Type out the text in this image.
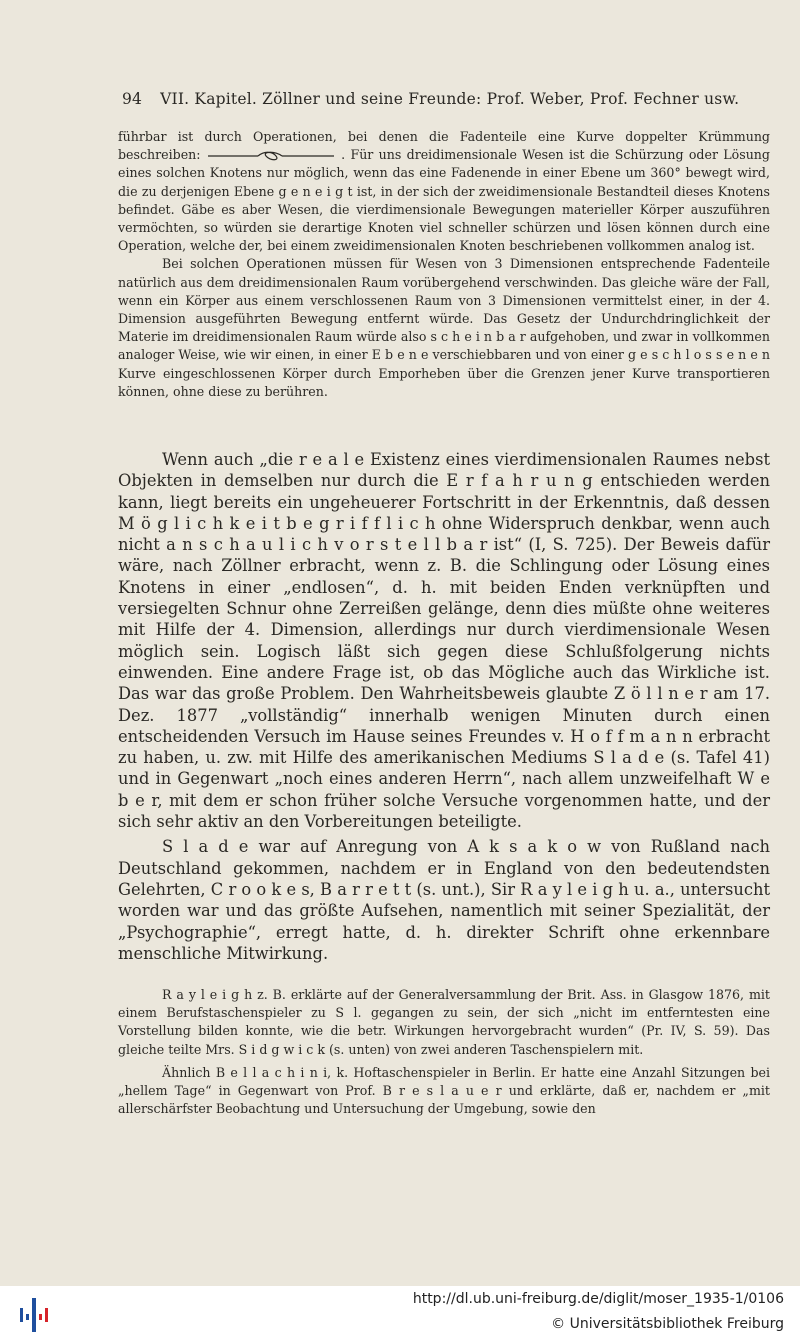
94 VII. Kapitel. Zöllner und seine Freunde: Prof. Weber, Prof. Fechner usw.

führbar ist durch Operationen, bei denen die Fadenteile eine Kurve doppelter Krümmung beschreiben:	. Für uns dreidimensionale Wesen ist die Schürzung oder Lösung eines solchen Knotens nur möglich, wenn das eine Fadenende in einer Ebene um 360° bewegt wird, die zu derjenigen Ebene g e n e i g t ist, in der sich der zweidimensionale Bestandteil dieses Knotens befindet. Gäbe es aber Wesen, die vierdimensionale Bewegungen materieller Körper auszuführen vermöchten, so würden sie derartige Knoten viel schneller schürzen und lösen können durch eine Operation, welche der, bei einem zweidimensionalen Knoten beschriebenen vollkommen analog ist.

Bei solchen Operationen müssen für Wesen von 3 Dimensionen entsprechende Fadenteile natürlich aus dem dreidimensionalen Raum vorübergehend verschwinden. Das gleiche wäre der Fall, wenn ein Körper aus einem verschlossenen Raum von 3 Dimensionen vermittelst einer, in der 4. Dimension ausgeführten Bewegung entfernt würde. Das Gesetz der Undurchdringlichkeit der Materie im dreidimensionalen Raum würde also s c h e i n b a r aufgehoben, und zwar in vollkommen analoger Weise, wie wir einen, in einer E b e n e verschiebbaren und von einer g e s c h l o s s e n e n Kurve eingeschlossenen Körper durch Emporheben über die Grenzen jener Kurve transportieren können, ohne diese zu berühren.

Wenn auch „die r e a l e Existenz eines vierdimensionalen Raumes nebst Objekten in demselben nur durch die E r f a h r u n g entschieden werden kann, liegt bereits ein ungeheuerer Fortschritt in der Erkenntnis, daß dessen M ö g l i c h k e i t b e g r i f f l i c h ohne Widerspruch denkbar, wenn auch nicht a n s c h a u l i c h v o r s t e l l b a r ist“ (I, S. 725). Der Beweis dafür wäre, nach Zöllner erbracht, wenn z. B. die Schlingung oder Lösung eines Knotens in einer „endlosen“, d. h. mit beiden Enden verknüpften und versiegelten Schnur ohne Zerreißen gelänge, denn dies müßte ohne weiteres mit Hilfe der 4. Dimension, allerdings nur durch vierdimensionale Wesen möglich sein. Logisch läßt sich gegen diese Schlußfolgerung nichts einwenden. Eine andere Frage ist, ob das Mögliche auch das Wirkliche ist. Das war das große Problem. Den Wahrheitsbeweis glaubte Z ö l l n e r am 17. Dez. 1877 „vollständig“ innerhalb wenigen Minuten durch einen entscheidenden Versuch im Hause seines Freundes v. H o f f m a n n erbracht zu haben, u. zw. mit Hilfe des amerikanischen Mediums S l a d e (s. Tafel 41) und in Gegenwart „noch eines anderen Herrn“, nach allem unzweifelhaft W e b e r, mit dem er schon früher solche Versuche vorgenommen hatte, und der sich sehr aktiv an den Vorbereitungen beteiligte.

S l a d e war auf Anregung von A k s a k o w von Rußland nach Deutschland gekommen, nachdem er in England von den bedeutendsten Gelehrten, C r o o k e s, B a r r e t t (s. unt.), Sir R a y l e i g h u. a., untersucht worden war und das größte Aufsehen, namentlich mit seiner Spezialität, der „Psychographie“, erregt hatte, d. h. direkter Schrift ohne erkennbare menschliche Mitwirkung.

R a y l e i g h z. B. erklärte auf der Generalversammlung der Brit. Ass. in Glasgow 1876, mit einem Berufstaschenspieler zu S l. gegangen zu sein, der sich „nicht im entferntesten eine Vorstellung bilden konnte, wie die betr. Wirkungen hervorgebracht wurden“ (Pr. IV, S. 59). Das gleiche teilte Mrs. S i d g w i c k (s. unten) von zwei anderen Taschenspielern mit.

Ähnlich B e l l a c h i n i, k. Hoftaschenspieler in Berlin. Er hatte eine Anzahl Sitzungen bei „hellem Tage“ in Gegenwart von Prof. B r e s l a u e r und erklärte, daß er, nachdem er „mit allerschärfster Beobachtung und Untersuchung der Umgebung, sowie den

http://dl.ub.uni-freiburg.de/diglit/moser_1935-1/0106
© Universitätsbibliothek Freiburg
